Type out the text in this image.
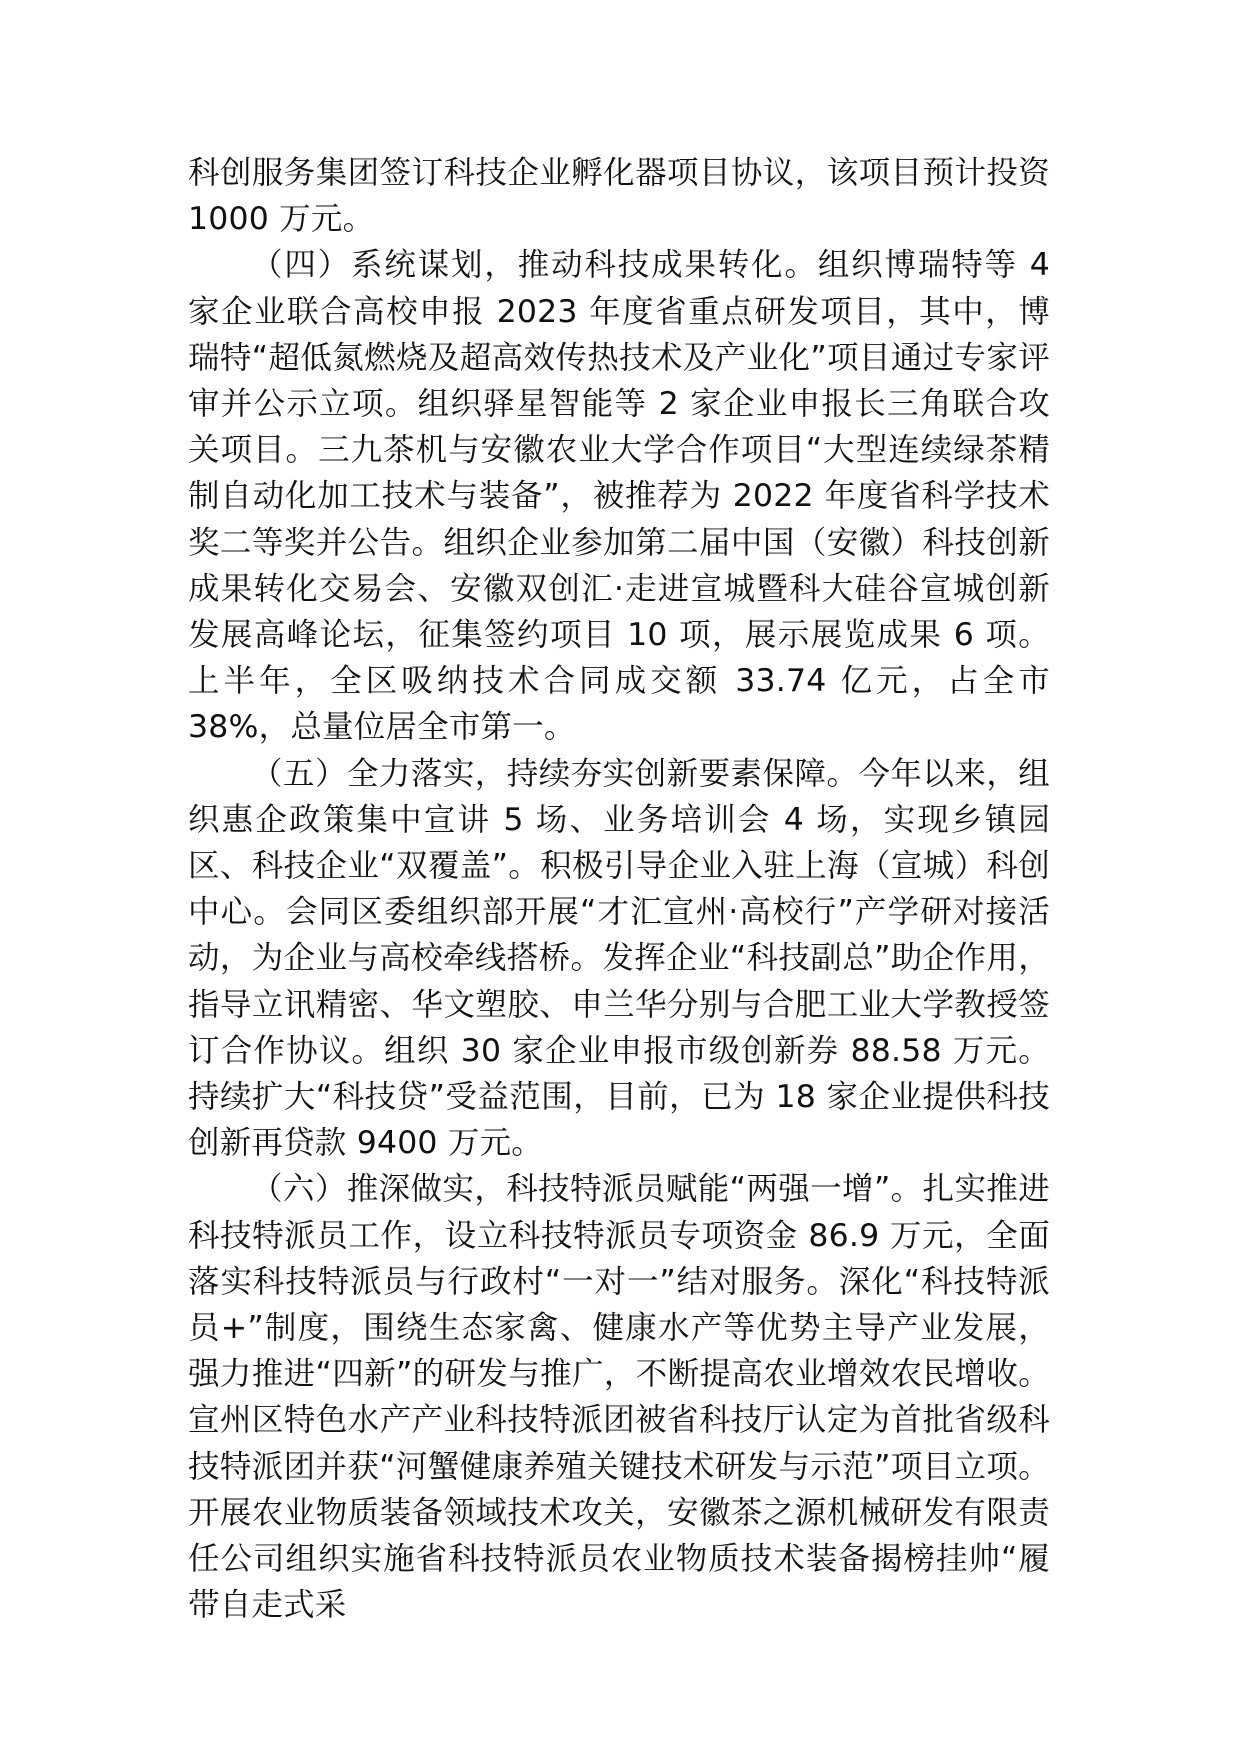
科创服务集团签订科技企业孵化器项目协议，该项目预计投资 1000 万元。

（四）系统谋划，推动科技成果转化。组织博瑞特等 4 家企业联合高校申报 2023 年度省重点研发项目，其中，博瑞特“超低氮燃烧及超高效传热技术及产业化”项目通过专家评审并公示立项。组织驿星智能等 2 家企业申报长三角联合攻关项目。三九茶机与安徽农业大学合作项目“大型连续绿茶精制自动化加工技术与装备”，被推荐为 2022 年度省科学技术奖二等奖并公告。组织企业参加第二届中国（安徽）科技创新成果转化交易会、安徽双创汇·走进宣城暨科大硅谷宣城创新发展高峰论坛，征集签约项目 10 项，展示展览成果 6 项。上半年，全区吸纳技术合同成交额 33.74 亿元，占全市 38%，总量位居全市第一。

（五）全力落实，持续夯实创新要素保障。今年以来，组织惠企政策集中宣讲 5 场、业务培训会 4 场，实现乡镇园区、科技企业“双覆盖”。积极引导企业入驻上海（宣城）科创中心。会同区委组织部开展“才汇宣州·高校行”产学研对接活动，为企业与高校牵线搭桥。发挥企业“科技副总”助企作用，指导立讯精密、华文塑胶、申兰华分别与合肥工业大学教授签订合作协议。组织 30 家企业申报市级创新券 88.58 万元。持续扩大“科技贷”受益范围，目前，已为 18 家企业提供科技创新再贷款 9400 万元。

（六）推深做实，科技特派员赋能“两强一增”。扎实推进科技特派员工作，设立科技特派员专项资金 86.9 万元，全面落实科技特派员与行政村“一对一”结对服务。深化“科技特派员+”制度，围绕生态家禽、健康水产等优势主导产业发展，强力推进“四新”的研发与推广，不断提高农业增效农民增收。宣州区特色水产产业科技特派团被省科技厅认定为首批省级科技特派团并获“河蟹健康养殖关键技术研发与示范”项目立项。开展农业物质装备领域技术攻关，安徽茶之源机械研发有限责任公司组织实施省科技特派员农业物质技术装备揭榜挂帅“履带自走式采
